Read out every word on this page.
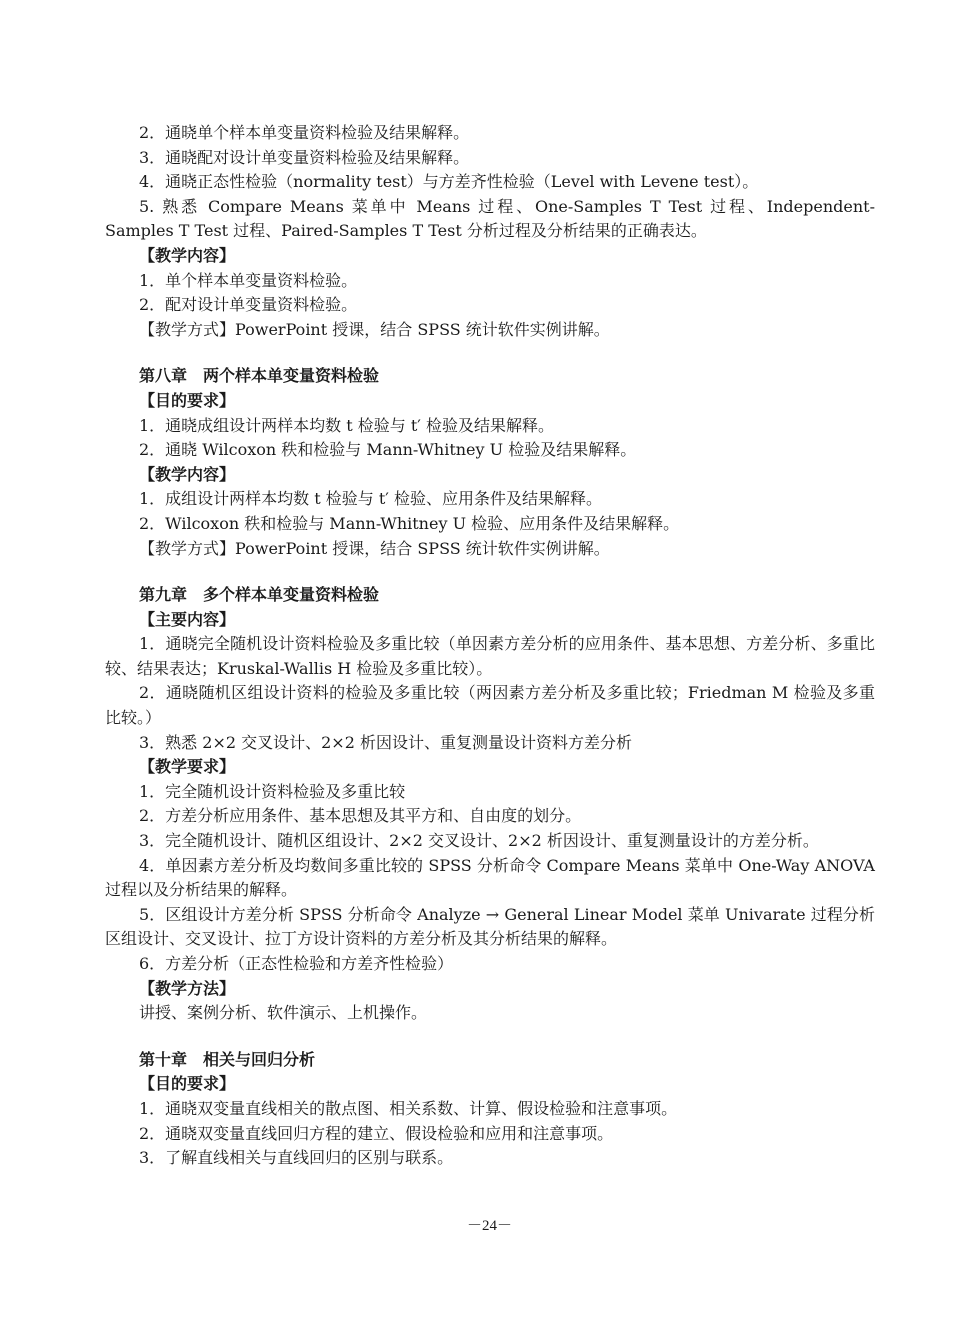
2．通晓单个样本单变量资料检验及结果解释。
3．通晓配对设计单变量资料检验及结果解释。
4．通晓正态性检验（normality test）与方差齐性检验（Level with Levene test）。
5. 熟悉 Compare Means 菜单中 Means 过程、One-Samples T Test 过程、Independent-Samples T Test 过程、Paired-Samples T Test 分析过程及分析结果的正确表达。
【教学内容】
1．单个样本单变量资料检验。
2．配对设计单变量资料检验。
【教学方式】PowerPoint 授课，结合 SPSS 统计软件实例讲解。
第八章　两个样本单变量资料检验
【目的要求】
1．通晓成组设计两样本均数 t 检验与 t′ 检验及结果解释。
2．通晓 Wilcoxon 秩和检验与 Mann-Whitney U 检验及结果解释。
【教学内容】
1．成组设计两样本均数 t 检验与 t′ 检验、应用条件及结果解释。
2．Wilcoxon 秩和检验与 Mann-Whitney U 检验、应用条件及结果解释。
【教学方式】PowerPoint 授课，结合 SPSS 统计软件实例讲解。
第九章　多个样本单变量资料检验
【主要内容】
1．通晓完全随机设计资料检验及多重比较（单因素方差分析的应用条件、基本思想、方差分析、多重比较、结果表达；Kruskal-Wallis H 检验及多重比较）。
2．通晓随机区组设计资料的检验及多重比较（两因素方差分析及多重比较；Friedman M 检验及多重比较。）
3．熟悉 2×2 交叉设计、2×2 析因设计、重复测量设计资料方差分析
【教学要求】
1．完全随机设计资料检验及多重比较
2．方差分析应用条件、基本思想及其平方和、自由度的划分。
3．完全随机设计、随机区组设计、2×2 交叉设计、2×2 析因设计、重复测量设计的方差分析。
4．单因素方差分析及均数间多重比较的 SPSS 分析命令 Compare Means 菜单中 One-Way ANOVA 过程以及分析结果的解释。
5．区组设计方差分析 SPSS 分析命令 Analyze → General Linear Model 菜单 Univarate 过程分析区组设计、交叉设计、拉丁方设计资料的方差分析及其分析结果的解释。
6．方差分析（正态性检验和方差齐性检验）
【教学方法】
讲授、案例分析、软件演示、上机操作。
第十章　相关与回归分析
【目的要求】
1．通晓双变量直线相关的散点图、相关系数、计算、假设检验和注意事项。
2．通晓双变量直线回归方程的建立、假设检验和应用和注意事项。
3．了解直线相关与直线回归的区别与联系。
－24－
